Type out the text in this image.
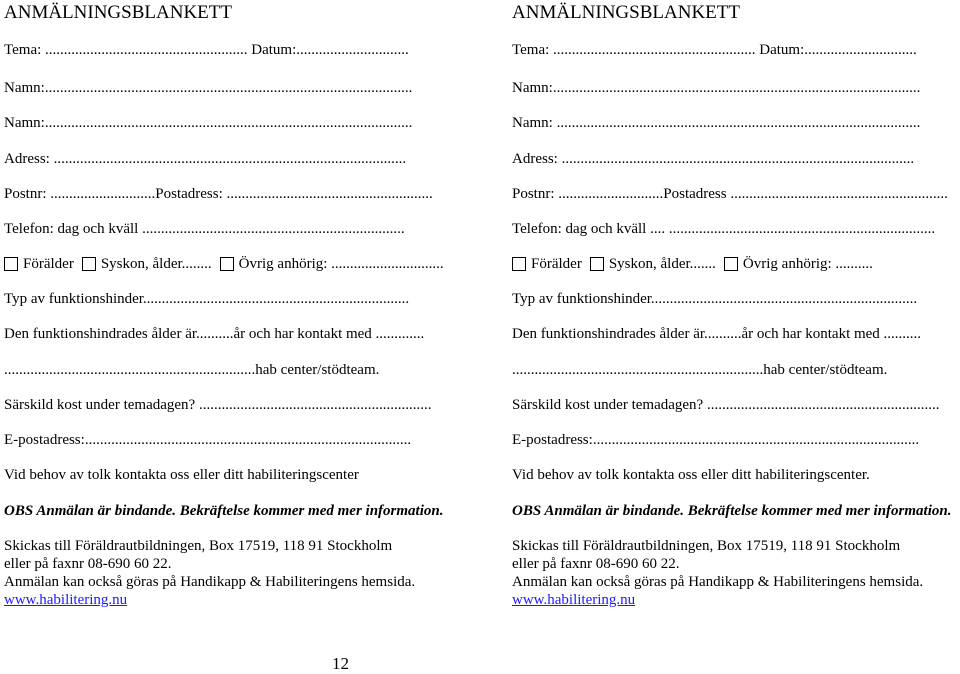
ANMÄLNINGSBLANKETT
Tema: ...................................................... Datum:..............................
Namn:..................................................................................................
Namn:..................................................................................................
Adress: ..............................................................................................
Postnr: ............................Postadress: .......................................................
Telefon: dag och kväll ......................................................................
Förälder Syskon, ålder........ Övrig anhörig: ..............................
Typ av funktionshinder.......................................................................
Den funktionshindrades ålder är..........år och har kontakt med .............
...................................................................hab center/stödteam.
Särskild kost under temadagen? ..............................................................
E-postadress:.......................................................................................
Vid behov av tolk kontakta oss eller ditt habiliteringscenter
OBS Anmälan är bindande. Bekräftelse kommer med mer information.
Skickas till Föräldrautbildningen, Box 17519, 118 91 Stockholm
eller på faxnr 08-690 60 22.
Anmälan kan också göras på Handikapp & Habiliteringens hemsida.
www.habilitering.nu
ANMÄLNINGSBLANKETT
Tema: ...................................................... Datum:..............................
Namn:..................................................................................................
Namn: .................................................................................................
Adress: ..............................................................................................
Postnr: ............................Postadress ..........................................................
Telefon: dag och kväll .... .......................................................................
Förälder Syskon, ålder....... Övrig anhörig: ..........
Typ av funktionshinder.......................................................................
Den funktionshindrades ålder är..........år och har kontakt med ..........
...................................................................hab center/stödteam.
Särskild kost under temadagen? ..............................................................
E-postadress:.......................................................................................
Vid behov av tolk kontakta oss eller ditt habiliteringscenter.
OBS Anmälan är bindande. Bekräftelse kommer med mer information.
Skickas till Föräldrautbildningen, Box 17519, 118 91 Stockholm
eller på faxnr 08-690 60 22.
Anmälan kan också göras på Handikapp & Habiliteringens hemsida.
www.habilitering.nu
12
